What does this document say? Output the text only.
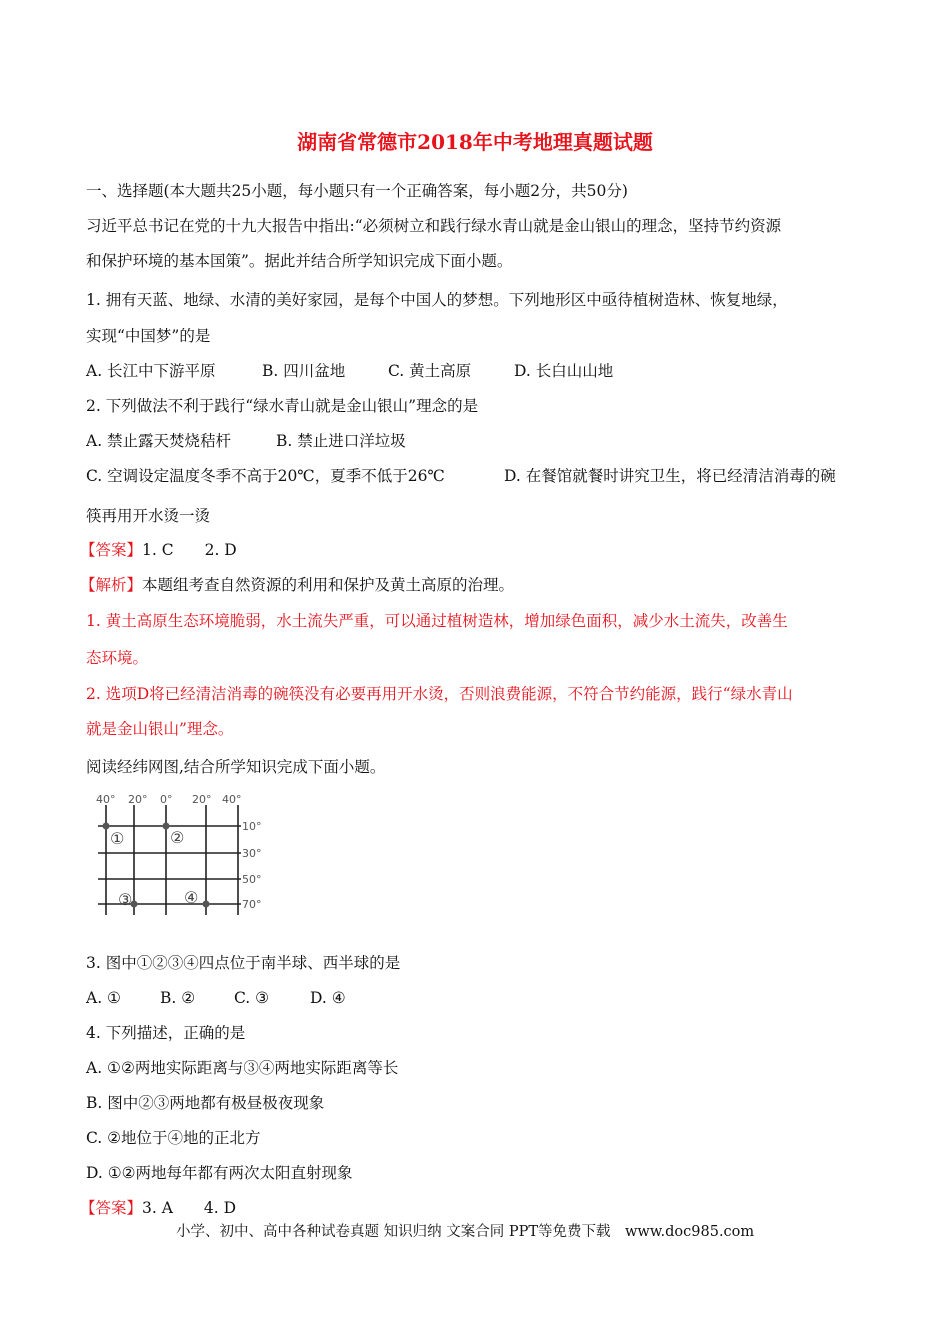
湖南省常德市2018年中考地理真题试题
一、选择题(本大题共25小题，每小题只有一个正确答案，每小题2分，共50分)
习近平总书记在党的十九大报告中指出:“必须树立和践行绿水青山就是金山银山的理念，坚持节约资源
和保护环境的基本国策”。据此并结合所学知识完成下面小题。
1. 拥有天蓝、地绿、水清的美好家园，是每个中国人的梦想。下列地形区中亟待植树造林、恢复地绿，
实现“中国梦”的是
A. 长江中下游平原	B. 四川盆地	C. 黄土高原	D. 长白山山地
2. 下列做法不利于践行“绿水青山就是金山银山”理念的是
A. 禁止露天焚烧秸杆	B. 禁止进口洋垃圾
C. 空调设定温度冬季不高于20℃，夏季不低于26℃	D. 在餐馆就餐时讲究卫生，将已经清洁消毒的碗
筷再用开水烫一烫
【答案】1. C　　2. D
【解析】本题组考查自然资源的利用和保护及黄土高原的治理。
1. 黄土高原生态环境脆弱，水土流失严重，可以通过植树造林，增加绿色面积，减少水土流失，改善生
态环境。
2. 选项D将已经清洁消毒的碗筷没有必要再用开水烫，否则浪费能源，不符合节约能源，践行“绿水青山
就是金山银山”理念。
阅读经纬网图,结合所学知识完成下面小题。
40° 20° 0° 20° 40°
10°
30°
50°
70°
①	②
③	④
3. 图中①②③④四点位于南半球、西半球的是
A. ①	B. ②	C. ③	D. ④
4. 下列描述，正确的是
A. ①②两地实际距离与③④两地实际距离等长
B. 图中②③两地都有极昼极夜现象
C. ②地位于④地的正北方
D. ①②两地每年都有两次太阳直射现象
【答案】3. A　　4. D
小学、初中、高中各种试卷真题 知识归纳 文案合同 PPT等免费下载　www.doc985.com
